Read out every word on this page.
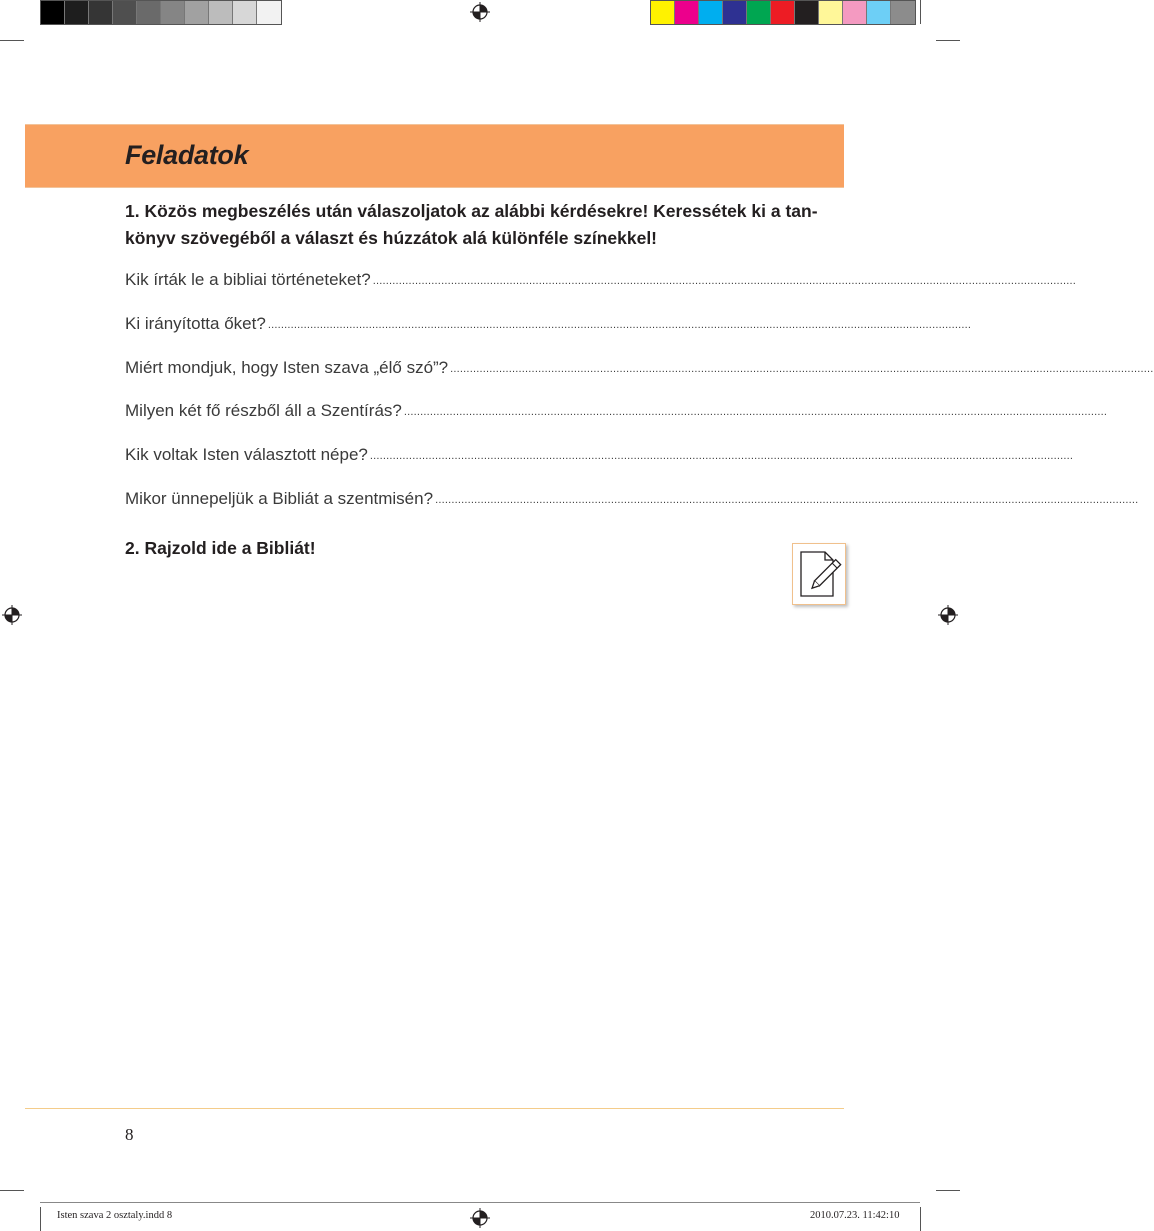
Feladatok
1. Közös megbeszélés után válaszoljatok az alábbi kérdésekre! Keressétek ki a tan-
könyv szövegéből a választ és húzzátok alá különféle színekkel!
Kik írták le a bibliai történeteket? ........................................................................................................................................................................................................................
Ki irányította őket? ........................................................................................................................................................................................................................
Miért mondjuk, hogy Isten szava „élő szó”? ........................................................................................................................................................................................................................
Milyen két fő részből áll a Szentírás? ........................................................................................................................................................................................................................
Kik voltak Isten választott népe? ........................................................................................................................................................................................................................
Mikor ünnepeljük a Bibliát a szentmisén? ........................................................................................................................................................................................................................
2. Rajzold ide a Bibliát!
8
Isten szava 2 osztaly.indd 8	2010.07.23. 11:42:10
